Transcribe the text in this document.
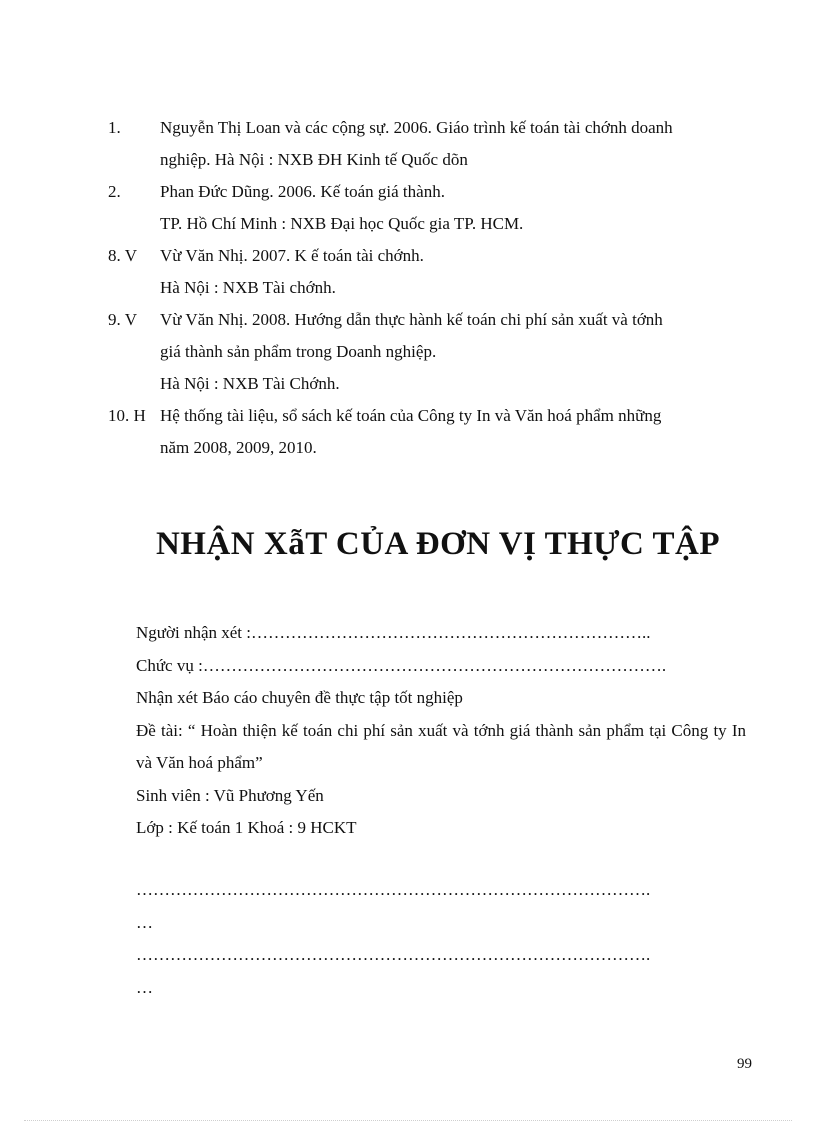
1.	Nguyễn Thị Loan và các cộng sự. 2006. Giáo trình kế toán tài chớnh doanh
nghiệp. Hà Nội : NXB ĐH Kinh tế Quốc dõn
2.	Phan Đức Dũng. 2006. Kế toán giá thành.
TP. Hồ Chí Minh : NXB Đại học Quốc gia TP. HCM.
8. V	Vừ Văn Nhị. 2007. K ế toán tài chớnh.
Hà Nội : NXB Tài chớnh.
9. V	Vừ Văn Nhị. 2008. Hướng dẫn thực hành kế toán chi phí sản xuất và tớnh
giá thành sản phẩm trong Doanh nghiệp.
Hà Nội : NXB Tài Chớnh.
10. H Hệ thống tài liệu, sổ sách kế toán của Công ty In và Văn hoá phẩm những
năm 2008, 2009, 2010.
NHẬN XẫT CỦA ĐƠN VỊ THỰC TẬP
Người nhận xét :……………………………………………………………..
Chức vụ :……………………………………………………………………….
Nhận xét Báo cáo chuyên đề thực tập tốt nghiệp
Đề tài: “ Hoàn thiện kế toán chi phí sản xuất và tớnh giá thành sản phẩm tại Công ty In và Văn hoá phẩm”
Sinh viên : Vũ Phương Yến
Lớp : Kế toán 1 Khoá : 9 HCKT
……………………………………………………………………………….
…
……………………………………………………………………………….
…
99
